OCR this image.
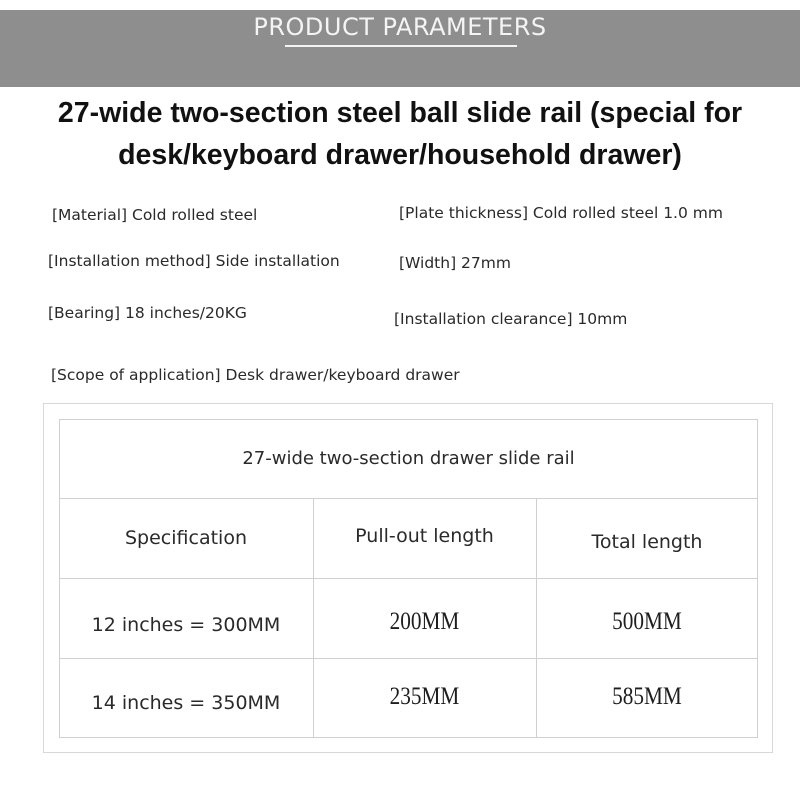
PRODUCT PARAMETERS
27-wide two-section steel ball slide rail (special for
desk/keyboard drawer/household drawer)
[Material] Cold rolled steel	[Plate thickness] Cold rolled steel 1.0 mm
[Installation method] Side installation	[Width] 27mm
[Bearing] 18 inches/20KG	[Installation clearance] 10mm
[Scope of application] Desk drawer/keyboard drawer
27-wide two-section drawer slide rail
Specification	Pull-out length	Total length
12 inches = 300MM	200MM	500MM
14 inches = 350MM	235MM	585MM
